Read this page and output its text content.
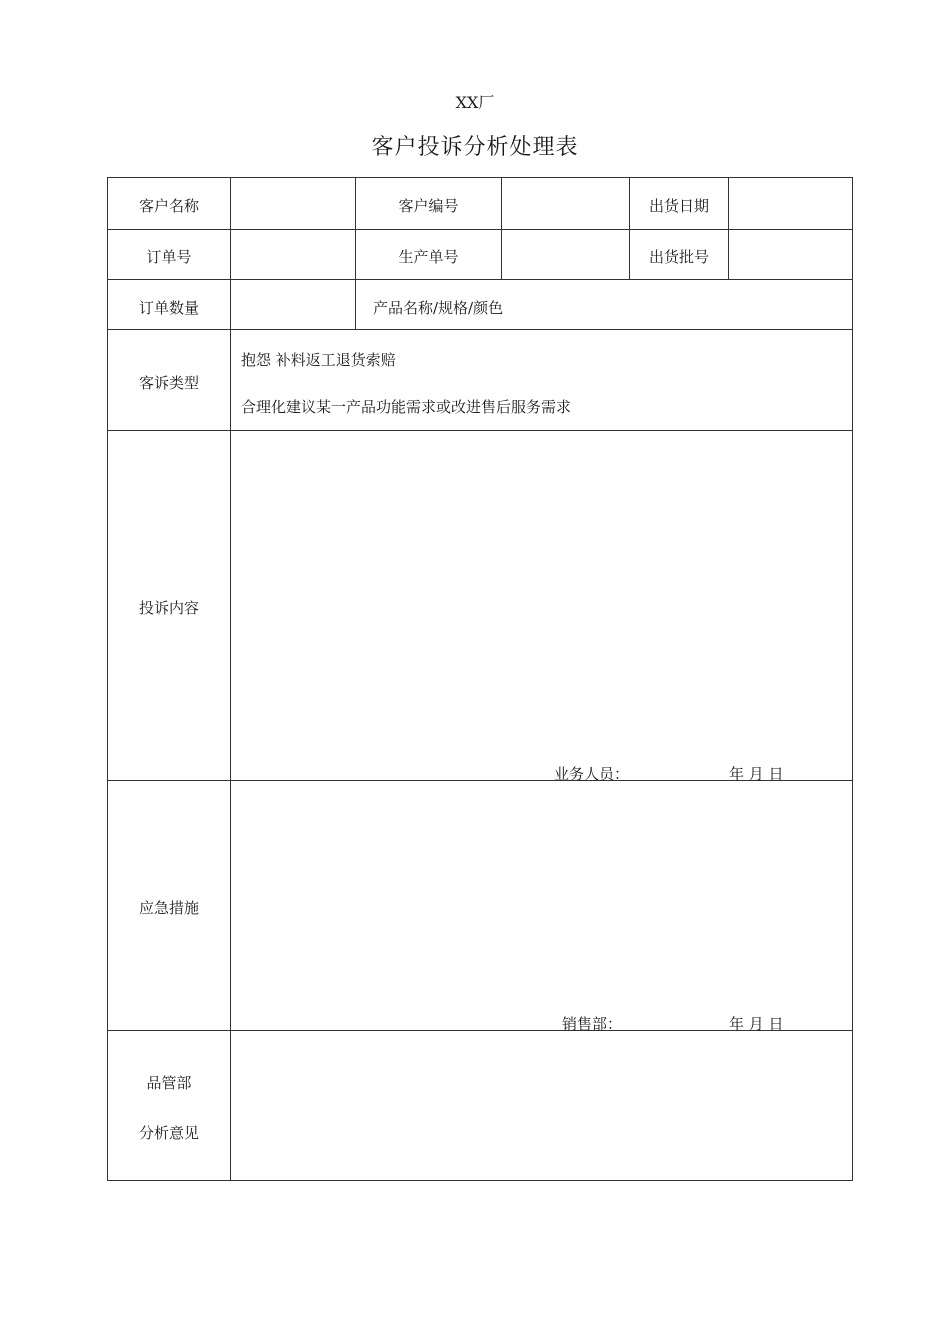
XX厂
客户投诉分析处理表
客户名称	客户编号	出货日期
订单号	生产单号	出货批号
订单数量	产品名称/规格/颜色
客诉类型
抱怨 补料返工退货索赔
合理化建议某一产品功能需求或改进售后服务需求
投诉内容
业务人员：	年 月 日
应急措施
销售部：	年 月 日
品管部
分析意见
